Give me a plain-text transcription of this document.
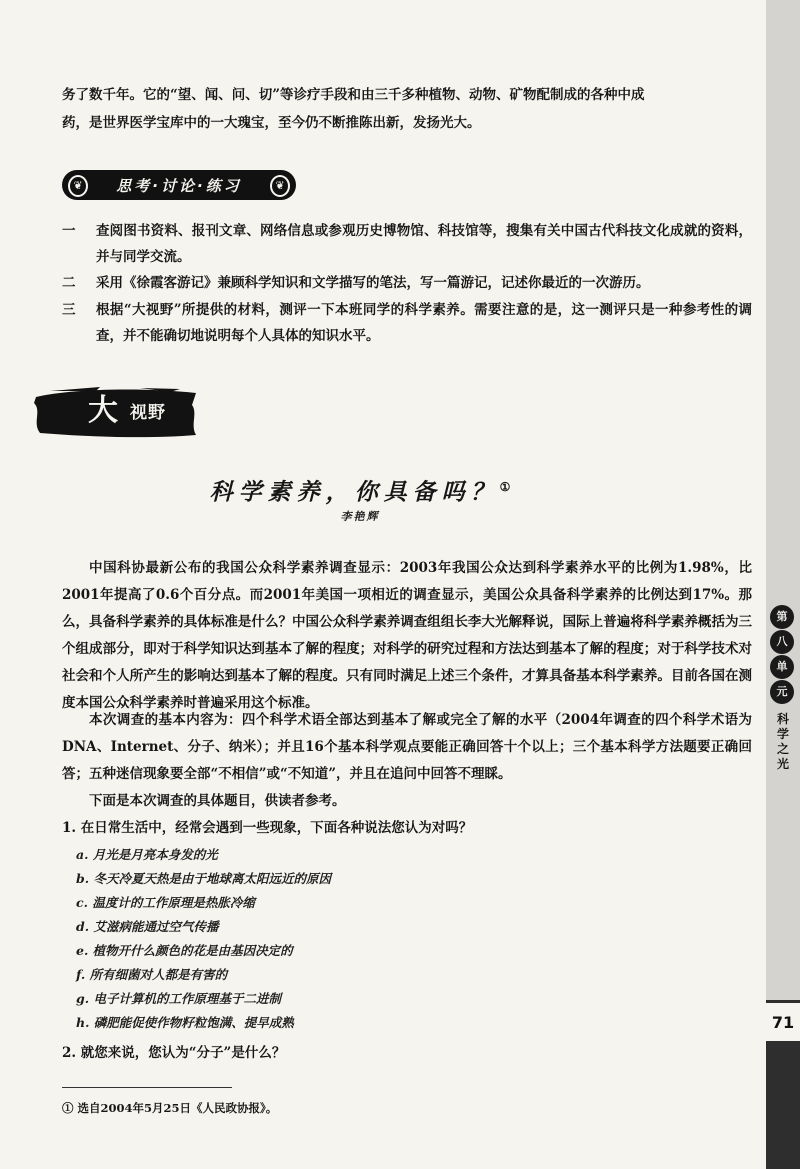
务了数千年。它的“望、闻、问、切”等诊疗手段和由三千多种植物、动物、矿物配制成的各种中成

药，是世界医学宝库中的一大瑰宝，至今仍不断推陈出新，发扬光大。

❦	思考·讨论·练习	❦
一	查阅图书资料、报刊文章、网络信息或参观历史博物馆、科技馆等，搜集有关中国古代科技文化成就的资料，并与同学交流。
二	采用《徐霞客游记》兼顾科学知识和文学描写的笔法，写一篇游记，记述你最近的一次游历。
三	根据“大视野”所提供的材料，测评一下本班同学的科学素养。需要注意的是，这一测评只是一种参考性的调查，并不能确切地说明每个人具体的知识水平。
大 视野
科学素养，你具备吗？①
李艳辉

中国科协最新公布的我国公众科学素养调查显示：2003年我国公众达到科学素养水平的比例为1.98%，比2001年提高了0.6个百分点。而2001年美国一项相近的调查显示，美国公众具备科学素养的比例达到17%。那么，具备科学素养的具体标准是什么？中国公众科学素养调查组组长李大光解释说，国际上普遍将科学素养概括为三个组成部分，即对于科学知识达到基本了解的程度；对科学的研究过程和方法达到基本了解的程度；对于科学技术对社会和个人所产生的影响达到基本了解的程度。只有同时满足上述三个条件，才算具备基本科学素养。目前各国在测度本国公众科学素养时普遍采用这个标准。

本次调查的基本内容为：四个科学术语全部达到基本了解或完全了解的水平（2004年调查的四个科学术语为DNA、Internet、分子、纳米）；并且16个基本科学观点要能正确回答十个以上；三个基本科学方法题要正确回答；五种迷信现象要全部“不相信”或“不知道”，并且在追问中回答不理睬。

下面是本次调查的具体题目，供读者参考。

1. 在日常生活中，经常会遇到一些现象，下面各种说法您认为对吗？

a. 月光是月亮本身发的光

b. 冬天冷夏天热是由于地球离太阳远近的原因

c. 温度计的工作原理是热胀冷缩

d. 艾滋病能通过空气传播

e. 植物开什么颜色的花是由基因决定的

f. 所有细菌对人都是有害的

g. 电子计算机的工作原理基于二进制

h. 磷肥能促使作物籽粒饱满、提早成熟

2. 就您来说，您认为“分子”是什么？

① 选自2004年5月25日《人民政协报》。
71
第
八
单
元
科学之光
